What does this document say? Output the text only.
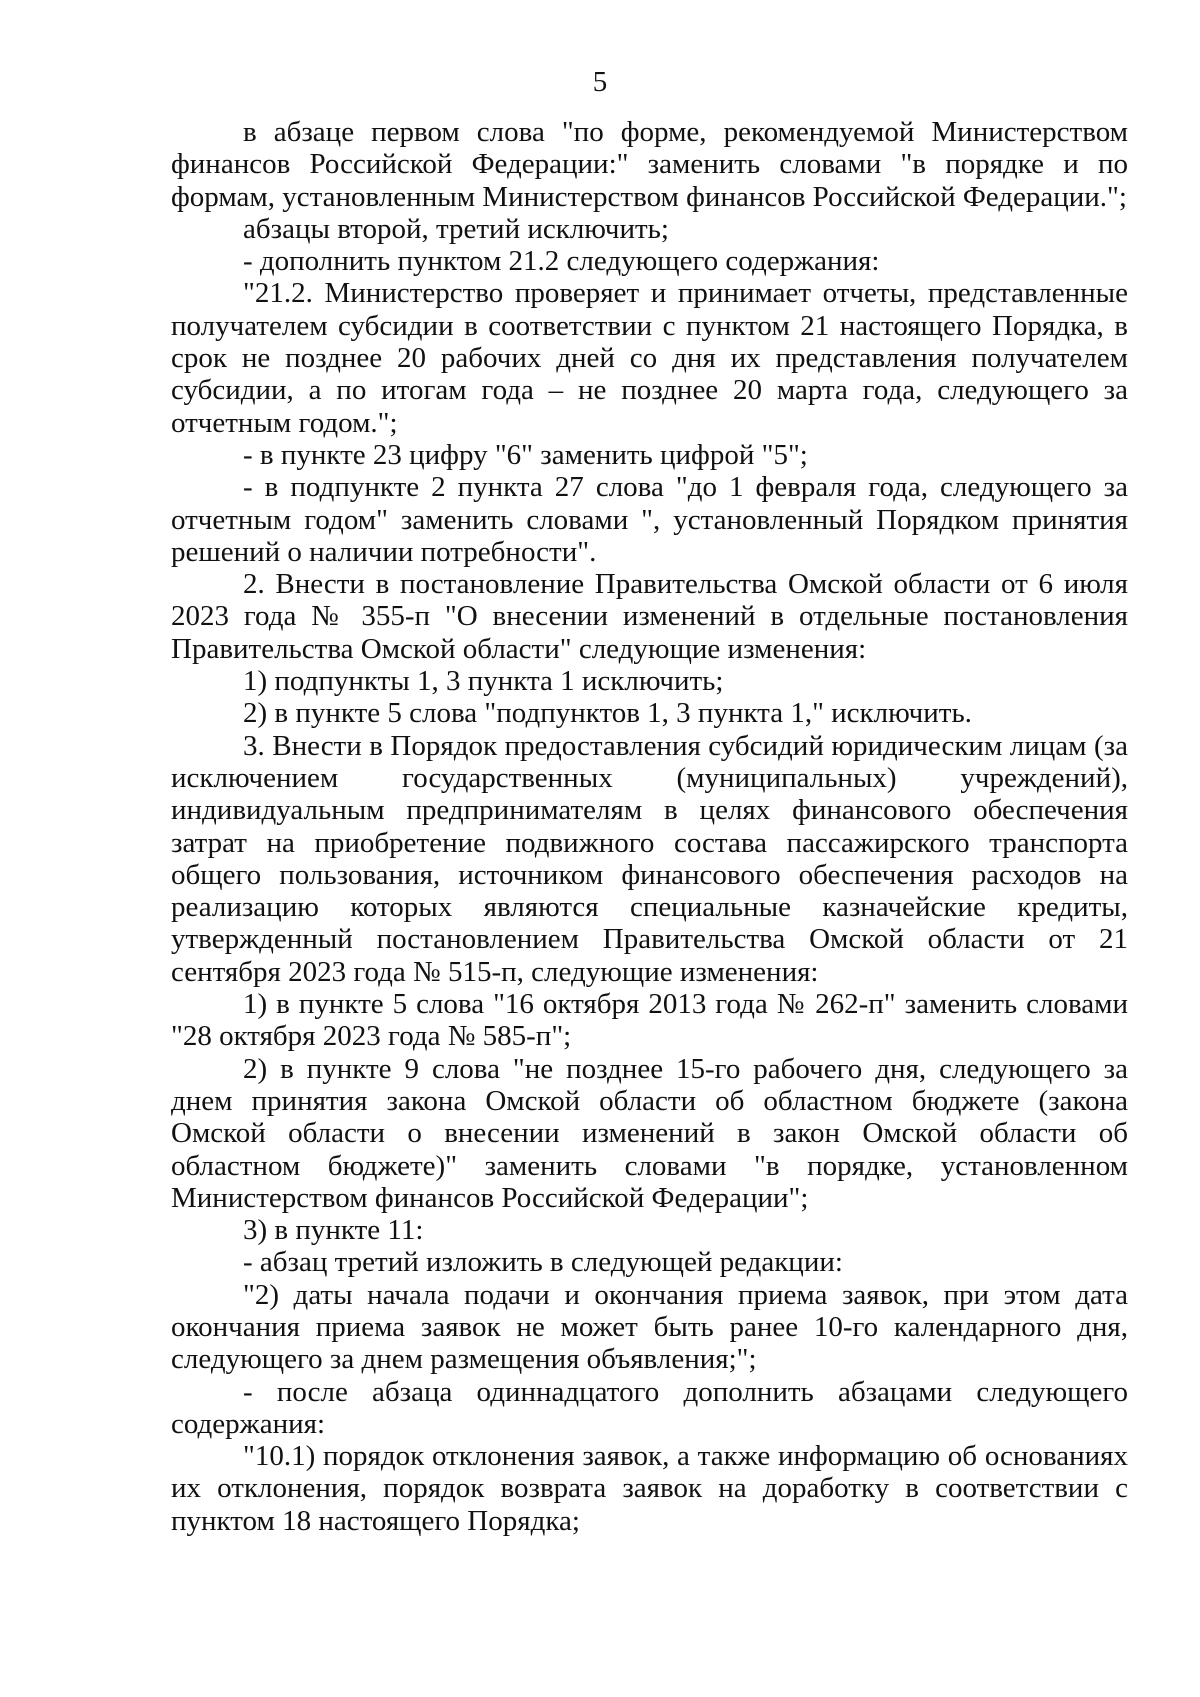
5

в абзаце первом слова "по форме, рекомендуемой Министерством финансов Российской Федерации:" заменить словами "в порядке и по формам, установленным Министерством финансов Российской Федерации.";

абзацы второй, третий исключить;

- дополнить пунктом 21.2 следующего содержания:

"21.2. Министерство проверяет и принимает отчеты, представленные получателем субсидии в соответствии с пунктом 21 настоящего Порядка, в срок не позднее 20 рабочих дней со дня их представления получателем субсидии, а по итогам года – не позднее 20 марта года, следующего за отчетным годом.";

- в пункте 23 цифру "6" заменить цифрой "5";

- в подпункте 2 пункта 27 слова "до 1 февраля года, следующего за отчетным годом" заменить словами ", установленный Порядком принятия решений о наличии потребности".

2. Внести в постановление Правительства Омской области от 6 июля 2023 года № 355-п "О внесении изменений в отдельные постановления Правительства Омской области" следующие изменения:

1) подпункты 1, 3 пункта 1 исключить;

2) в пункте 5 слова "подпунктов 1, 3 пункта 1," исключить.

3. Внести в Порядок предоставления субсидий юридическим лицам (за исключением государственных (муниципальных) учреждений), индивидуальным предпринимателям в целях финансового обеспечения затрат на приобретение подвижного состава пассажирского транспорта общего пользования, источником финансового обеспечения расходов на реализацию которых являются специальные казначейские кредиты, утвержденный постановлением Правительства Омской области от 21 сентября 2023 года № 515-п, следующие изменения:

1) в пункте 5 слова "16 октября 2013 года № 262-п" заменить словами "28 октября 2023 года № 585-п";

2) в пункте 9 слова "не позднее 15-го рабочего дня, следующего за днем принятия закона Омской области об областном бюджете (закона Омской области о внесении изменений в закон Омской области об областном бюджете)" заменить словами "в порядке, установленном Министерством финансов Российской Федерации";

3) в пункте 11:

- абзац третий изложить в следующей редакции:

"2) даты начала подачи и окончания приема заявок, при этом дата окончания приема заявок не может быть ранее 10-го календарного дня, следующего за днем размещения объявления;";

- после абзаца одиннадцатого дополнить абзацами следующего содержания:

"10.1) порядок отклонения заявок, а также информацию об основаниях их отклонения, порядок возврата заявок на доработку в соответствии с пунктом 18 настоящего Порядка;
